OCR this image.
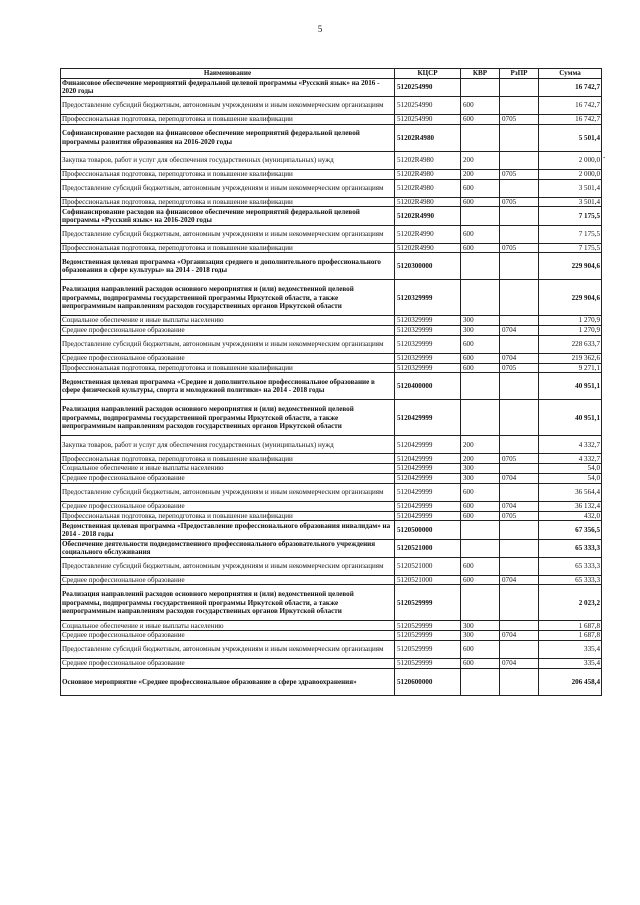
5
.
Наименование	КЦСР	КВР	РзПР	Сумма
Финансовое обеспечение мероприятий федеральной целевой программы «Русский язык» на 2016 - 2020 годы	5120254990			16 742,7
Предоставление субсидий бюджетным, автономным учреждениям и иным некоммерческим организациям	5120254990	600		16 742,7
Профессиональная подготовка, переподготовка и повышение квалификации	5120254990	600	0705	16 742,7
Софинансирование расходов на финансовое обеспечение мероприятий федеральной целевой программы развития образования на 2016-2020 годы	51202R4980			5 501,4
Закупка товаров, работ и услуг для обеспечения государственных (муниципальных) нужд	51202R4980	200		2 000,0
Профессиональная подготовка, переподготовка и повышение квалификации	51202R4980	200	0705	2 000,0
Предоставление субсидий бюджетным, автономным учреждениям и иным некоммерческим организациям	51202R4980	600		3 501,4
Профессиональная подготовка, переподготовка и повышение квалификации	51202R4980	600	0705	3 501,4
Софинансирование расходов на финансовое обеспечение мероприятий федеральной целевой программы «Русский язык» на 2016-2020 годы	51202R4990			7 175,5
Предоставление субсидий бюджетным, автономным учреждениям и иным некоммерческим организациям	51202R4990	600		7 175,5
Профессиональная подготовка, переподготовка и повышение квалификации	51202R4990	600	0705	7 175,5
Ведомственная целевая программа «Организация среднего и дополнительного профессионального образования в сфере культуры» на 2014 - 2018 годы	5120300000			229 904,6
Реализация направлений расходов основного мероприятия и (или) ведомственной целевой программы, подпрограммы государственной программы Иркутской области, а также непрограммным направлениям расходов государственных органов Иркутской области	5120329999			229 904,6
Социальное обеспечение и иные выплаты населению	5120329999	300		1 270,9
Среднее профессиональное образование	5120329999	300	0704	1 270,9
Предоставление субсидий бюджетным, автономным учреждениям и иным некоммерческим организациям	5120329999	600		228 633,7
Среднее профессиональное образование	5120329999	600	0704	219 362,6
Профессиональная подготовка, переподготовка и повышение квалификации	5120329999	600	0705	9 271,1
Ведомственная целевая программа «Среднее и дополнительное профессиональное образование в сфере физической культуры, спорта и молодежной политики» на 2014 - 2018 годы	5120400000			40 951,1
Реализация направлений расходов основного мероприятия и (или) ведомственной целевой программы, подпрограммы государственной программы Иркутской области, а также непрограммным направлениям расходов государственных органов Иркутской области	5120429999			40 951,1
Закупка товаров, работ и услуг для обеспечения государственных (муниципальных) нужд	5120429999	200		4 332,7
Профессиональная подготовка, переподготовка и повышение квалификации	5120429999	200	0705	4 332,7
Социальное обеспечение и иные выплаты населению	5120429999	300		54,0
Среднее профессиональное образование	5120429999	300	0704	54,0
Предоставление субсидий бюджетным, автономным учреждениям и иным некоммерческим организациям	5120429999	600		36 564,4
Среднее профессиональное образование	5120429999	600	0704	36 132,4
Профессиональная подготовка, переподготовка и повышение квалификации	5120429999	600	0705	432,0
Ведомственная целевая программа «Предоставление профессионального образования инвалидам» на 2014 - 2018 годы	5120500000			67 356,5
Обеспечение деятельности подведомственного профессионального образовательного учреждения социального обслуживания	5120521000			65 333,3
Предоставление субсидий бюджетным, автономным учреждениям и иным некоммерческим организациям	5120521000	600		65 333,3
Среднее профессиональное образование	5120521000	600	0704	65 333,3
Реализация направлений расходов основного мероприятия и (или) ведомственной целевой программы, подпрограммы государственной программы Иркутской области, а также непрограммным направлениям расходов государственных органов Иркутской области	5120529999			2 023,2
Социальное обеспечение и иные выплаты населению	5120529999	300		1 687,8
Среднее профессиональное образование	5120529999	300	0704	1 687,8
Предоставление субсидий бюджетным, автономным учреждениям и иным некоммерческим организациям	5120529999	600		335,4
Среднее профессиональное образование	5120529999	600	0704	335,4
Основное мероприятие «Среднее профессиональное образование в сфере здравоохранения»	5120600000			206 458,4
